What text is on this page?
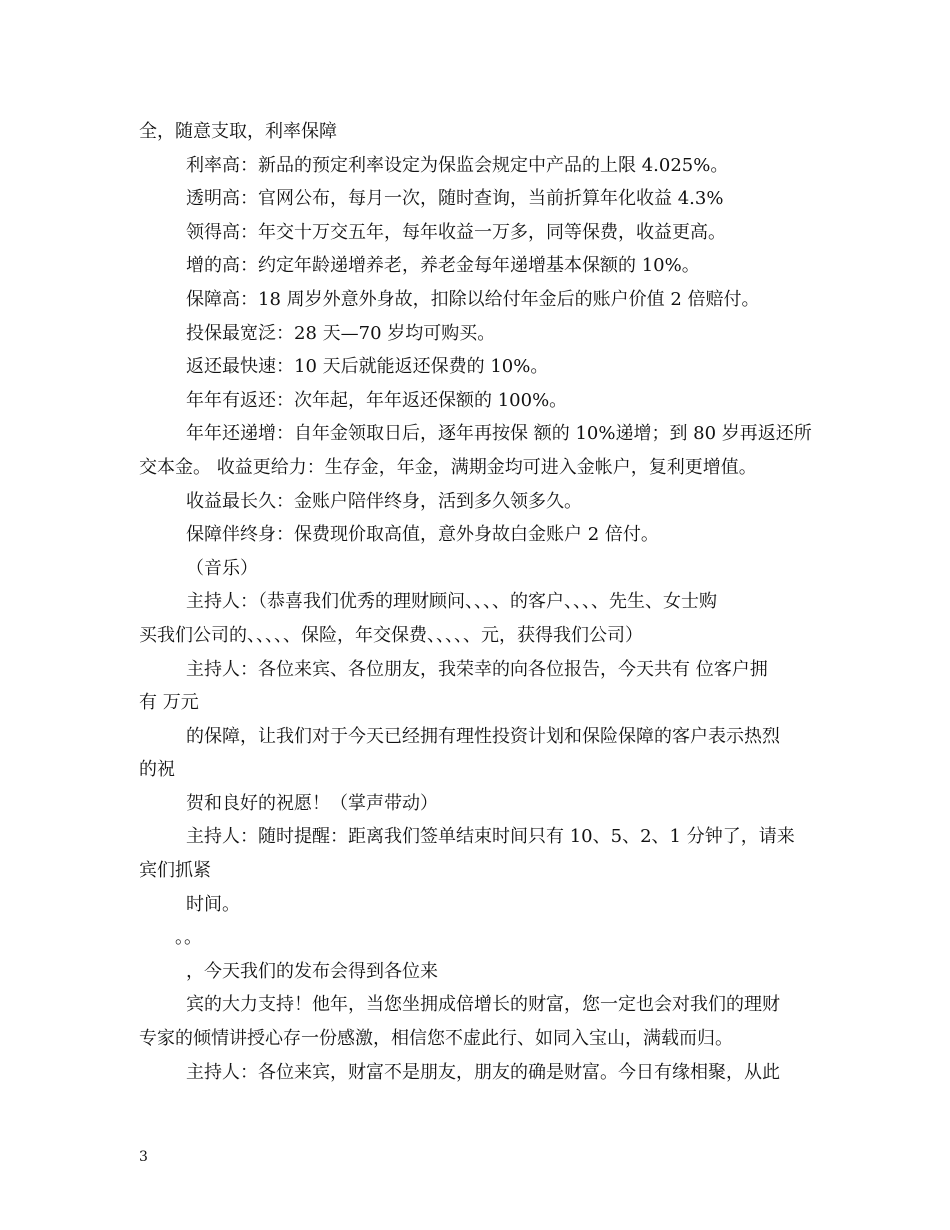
全，随意支取，利率保障
利率高：新品的预定利率设定为保监会规定中产品的上限 4.025%。
透明高：官网公布，每月一次，随时查询，当前折算年化收益 4.3%
领得高：年交十万交五年，每年收益一万多，同等保费，收益更高。
增的高：约定年龄递增养老，养老金每年递增基本保额的 10%。
保障高：18 周岁外意外身故，扣除以给付年金后的账户价值 2 倍赔付。
投保最宽泛：28 天—70 岁均可购买。
返还最快速：10 天后就能返还保费的 10%。
年年有返还：次年起，年年返还保额的 100%。
年年还递增：自年金领取日后，逐年再按保 额的 10%递增；到 80 岁再返还所
交本金。 收益更给力：生存金，年金，满期金均可进入金帐户，复利更增值。
收益最长久：金账户陪伴终身，活到多久领多久。
保障伴终身：保费现价取高值，意外身故白金账户 2 倍付。
（音乐）
主持人：（恭喜我们优秀的理财顾问、、、、的客户、、、、先生、女士购
买我们公司的、、、、、保险，年交保费、、、、、元，获得我们公司）
主持人：各位来宾、各位朋友，我荣幸的向各位报告，今天共有 位客户拥
有 万元
的保障，让我们对于今天已经拥有理性投资计划和保险保障的客户表示热烈
的祝
贺和良好的祝愿！（掌声带动）
主持人：随时提醒：距离我们签单结束时间只有 10、5、2、1 分钟了，请来
宾们抓紧
时间。
。。
，今天我们的发布会得到各位来
宾的大力支持！他年，当您坐拥成倍增长的财富，您一定也会对我们的理财
专家的倾情讲授心存一份感激，相信您不虚此行、如同入宝山，满载而归。
主持人：各位来宾，财富不是朋友，朋友的确是财富。今日有缘相聚，从此
3
